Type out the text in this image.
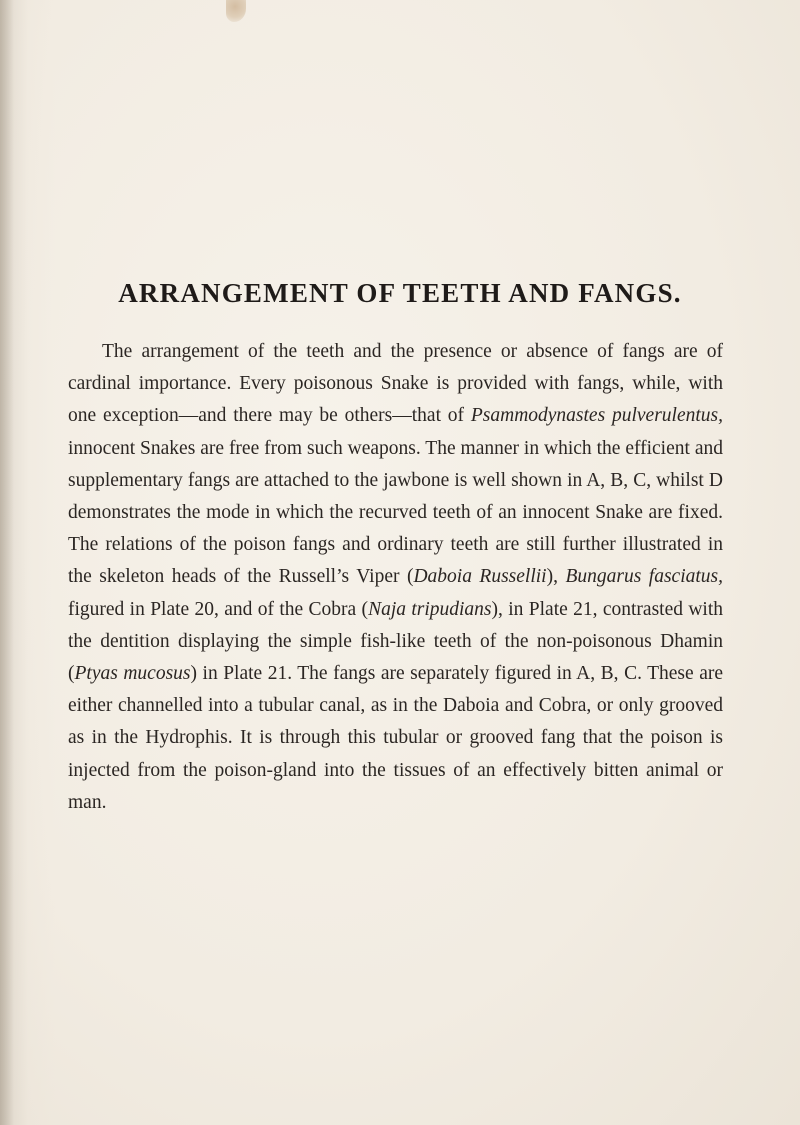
ARRANGEMENT OF TEETH AND FANGS.

The arrangement of the teeth and the presence or absence of fangs are of cardinal importance. Every poisonous Snake is provided with fangs, while, with one exception—and there may be others—that of Psammodynastes pulverulentus, innocent Snakes are free from such weapons. The manner in which the efficient and supplementary fangs are attached to the jawbone is well shown in A, B, C, whilst D demonstrates the mode in which the recurved teeth of an innocent Snake are fixed. The relations of the poison fangs and ordinary teeth are still further illustrated in the skeleton heads of the Russell’s Viper (Daboia Russellii), Bungarus fasciatus, figured in Plate 20, and of the Cobra (Naja tripudians), in Plate 21, contrasted with the dentition displaying the simple fish-like teeth of the non-poisonous Dhamin (Ptyas mucosus) in Plate 21. The fangs are separately figured in A, B, C. These are either channelled into a tubular canal, as in the Daboia and Cobra, or only grooved as in the Hydrophis. It is through this tubular or grooved fang that the poison is injected from the poison-gland into the tissues of an effectively bitten animal or man.
